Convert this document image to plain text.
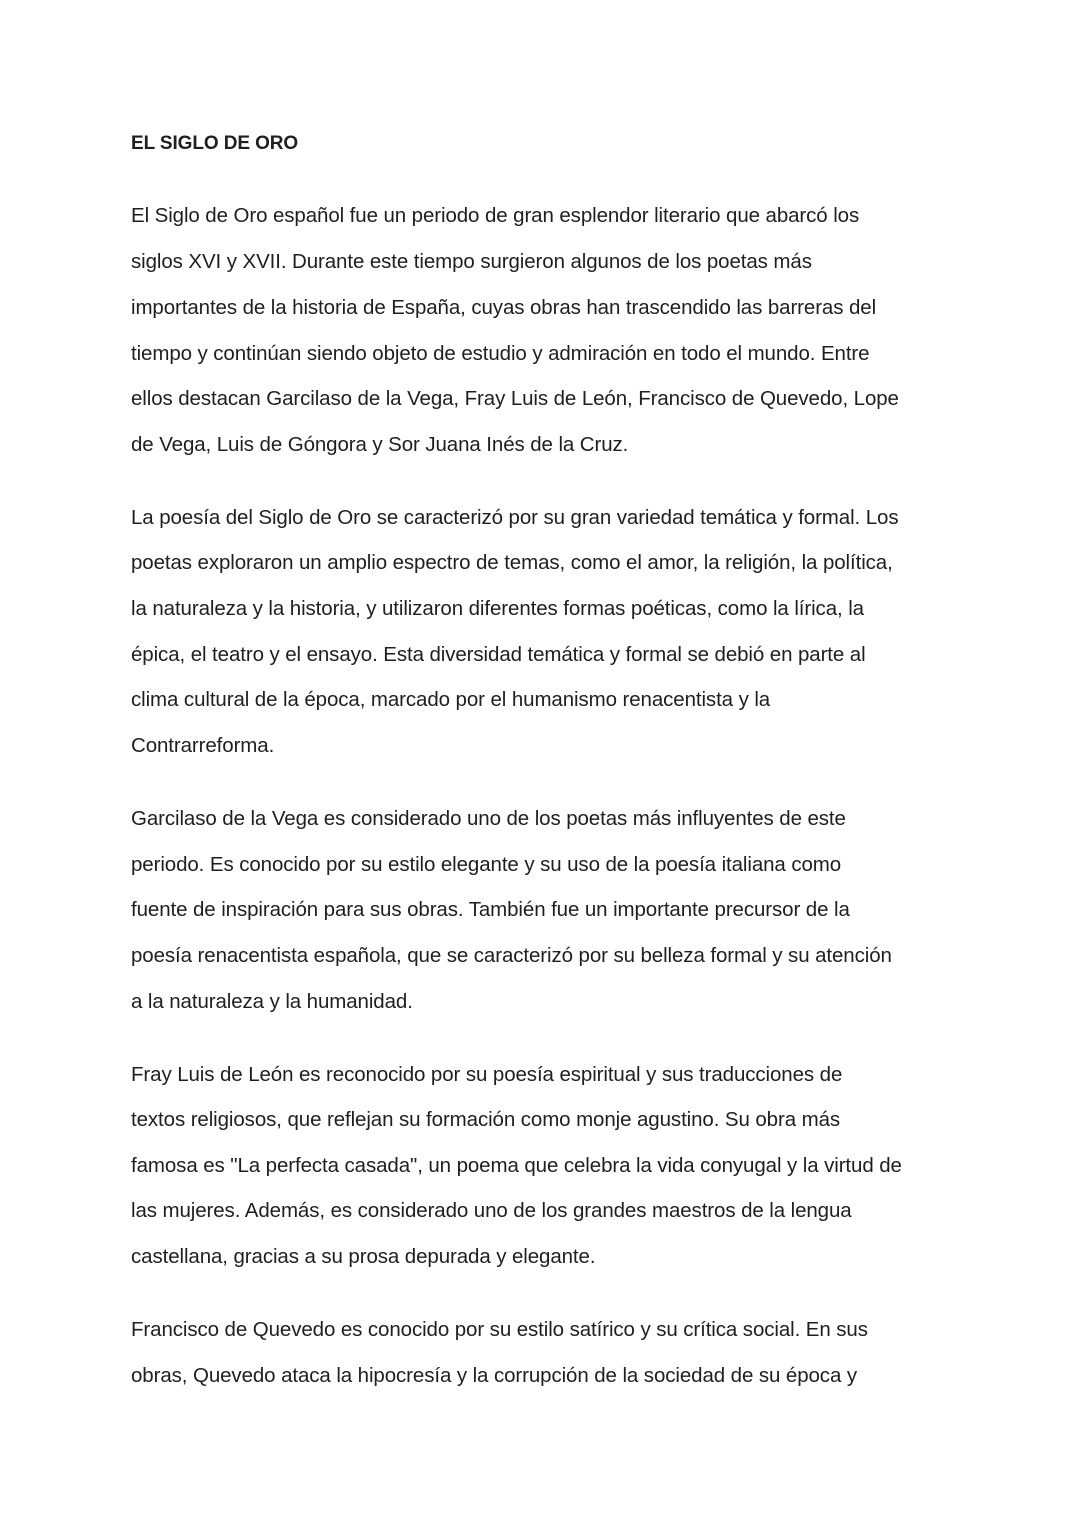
EL SIGLO DE ORO
El Siglo de Oro español fue un periodo de gran esplendor literario que abarcó los
siglos XVI y XVII. Durante este tiempo surgieron algunos de los poetas más
importantes de la historia de España, cuyas obras han trascendido las barreras del
tiempo y continúan siendo objeto de estudio y admiración en todo el mundo. Entre
ellos destacan Garcilaso de la Vega, Fray Luis de León, Francisco de Quevedo, Lope
de Vega, Luis de Góngora y Sor Juana Inés de la Cruz.
La poesía del Siglo de Oro se caracterizó por su gran variedad temática y formal. Los
poetas exploraron un amplio espectro de temas, como el amor, la religión, la política,
la naturaleza y la historia, y utilizaron diferentes formas poéticas, como la lírica, la
épica, el teatro y el ensayo. Esta diversidad temática y formal se debió en parte al
clima cultural de la época, marcado por el humanismo renacentista y la
Contrarreforma.
Garcilaso de la Vega es considerado uno de los poetas más influyentes de este
periodo. Es conocido por su estilo elegante y su uso de la poesía italiana como
fuente de inspiración para sus obras. También fue un importante precursor de la
poesía renacentista española, que se caracterizó por su belleza formal y su atención
a la naturaleza y la humanidad.
Fray Luis de León es reconocido por su poesía espiritual y sus traducciones de
textos religiosos, que reflejan su formación como monje agustino. Su obra más
famosa es "La perfecta casada", un poema que celebra la vida conyugal y la virtud de
las mujeres. Además, es considerado uno de los grandes maestros de la lengua
castellana, gracias a su prosa depurada y elegante.
Francisco de Quevedo es conocido por su estilo satírico y su crítica social. En sus
obras, Quevedo ataca la hipocresía y la corrupción de la sociedad de su época y
